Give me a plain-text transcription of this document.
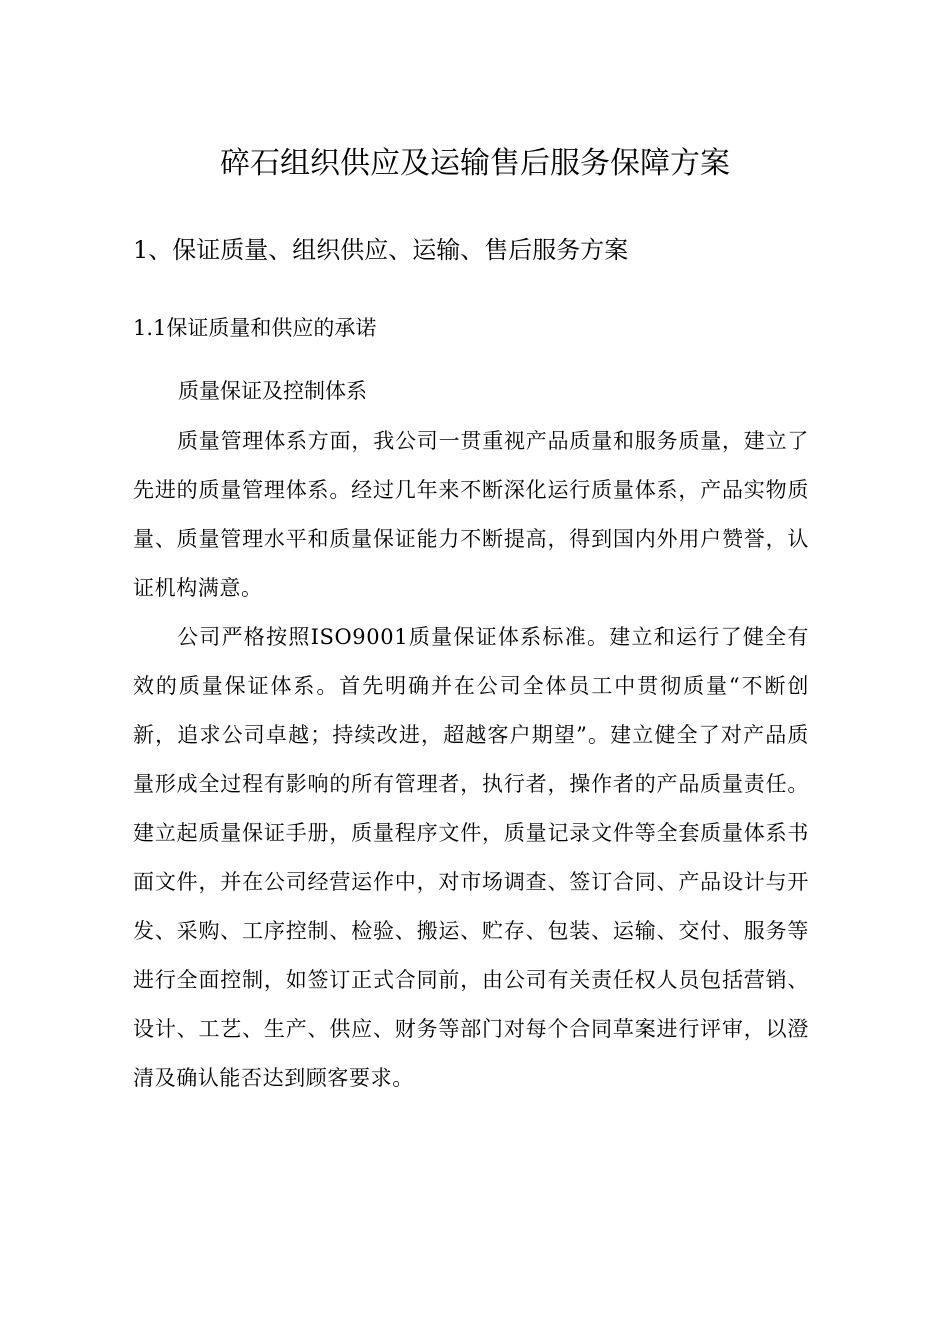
碎石组织供应及运输售后服务保障方案
1、保证质量、组织供应、运输、售后服务方案
1.1保证质量和供应的承诺

质量保证及控制体系

质量管理体系方面，我公司一贯重视产品质量和服务质量，建立了先进的质量管理体系。经过几年来不断深化运行质量体系，产品实物质量、质量管理水平和质量保证能力不断提高，得到国内外用户赞誉，认证机构满意。

公司严格按照ISO9001质量保证体系标准。建立和运行了健全有效的质量保证体系。首先明确并在公司全体员工中贯彻质量“不断创新，追求公司卓越；持续改进，超越客户期望”。建立健全了对产品质量形成全过程有影响的所有管理者，执行者，操作者的产品质量责任。建立起质量保证手册，质量程序文件，质量记录文件等全套质量体系书面文件，并在公司经营运作中，对市场调查、签订合同、产品设计与开发、采购、工序控制、检验、搬运、贮存、包装、运输、交付、服务等进行全面控制，如签订正式合同前，由公司有关责任权人员包括营销、设计、工艺、生产、供应、财务等部门对每个合同草案进行评审，以澄清及确认能否达到顾客要求。
